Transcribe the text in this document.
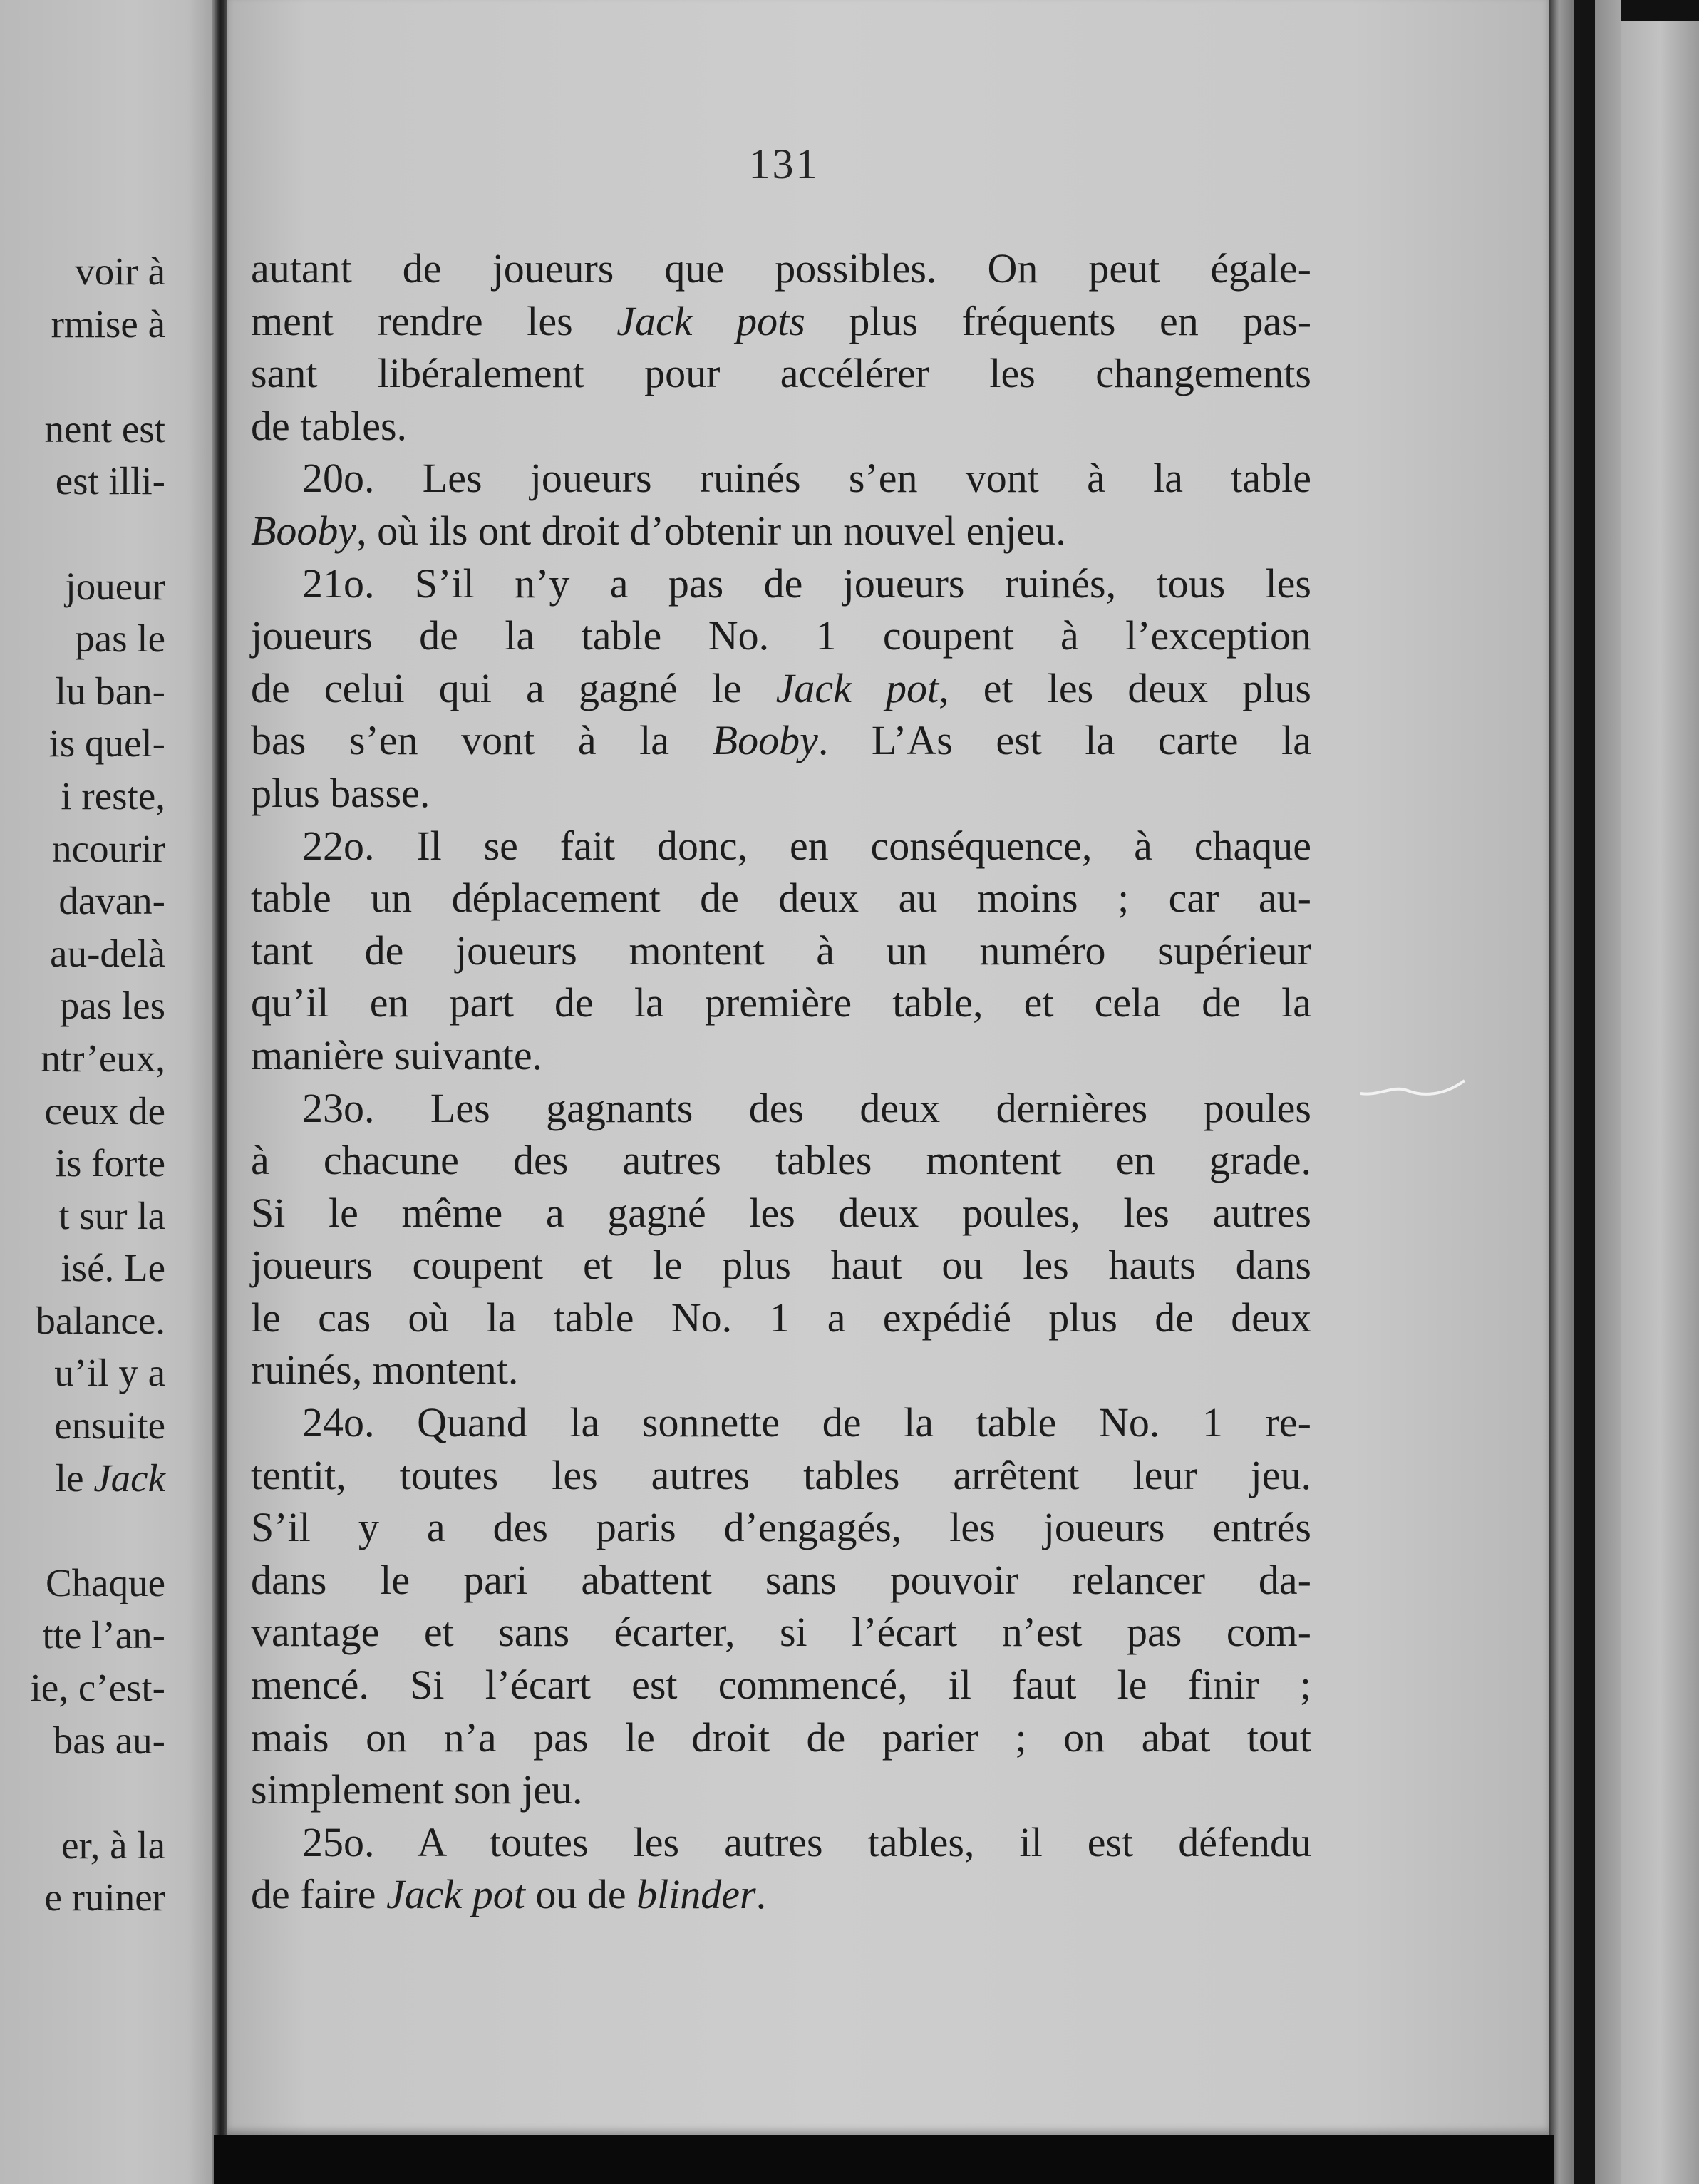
voir à
rmise à
nent est
est illi-
joueur
pas le
lu ban-
is quel-
i reste,
ncourir
davan-
au-delà
pas les
ntr’eux,
ceux de
is forte
t sur la
isé. Le
balance.
u’il y a
ensuite
le Jack
Chaque
tte l’an-
ie, c’est-
bas au-
er, à la
e ruiner
131
autant de joueurs que possibles. On peut égale-
ment rendre les Jack pots plus fréquents en pas-
sant libéralement pour accélérer les changements
de tables.
20o. Les joueurs ruinés s’en vont à la table
Booby, où ils ont droit d’obtenir un nouvel enjeu.
21o. S’il n’y a pas de joueurs ruinés, tous les
joueurs de la table No. 1 coupent à l’exception
de celui qui a gagné le Jack pot, et les deux plus
bas s’en vont à la Booby. L’As est la carte la
plus basse.
22o. Il se fait donc, en conséquence, à chaque
table un déplacement de deux au moins ; car au-
tant de joueurs montent à un numéro supérieur
qu’il en part de la première table, et cela de la
manière suivante.
23o. Les gagnants des deux dernières poules
à chacune des autres tables montent en grade.
Si le même a gagné les deux poules, les autres
joueurs coupent et le plus haut ou les hauts dans
le cas où la table No. 1 a expédié plus de deux
ruinés, montent.
24o. Quand la sonnette de la table No. 1 re-
tentit, toutes les autres tables arrêtent leur jeu.
S’il y a des paris d’engagés, les joueurs entrés
dans le pari abattent sans pouvoir relancer da-
vantage et sans écarter, si l’écart n’est pas com-
mencé. Si l’écart est commencé, il faut le finir ;
mais on n’a pas le droit de parier ; on abat tout
simplement son jeu.
25o. A toutes les autres tables, il est défendu
de faire Jack pot ou de blinder.
